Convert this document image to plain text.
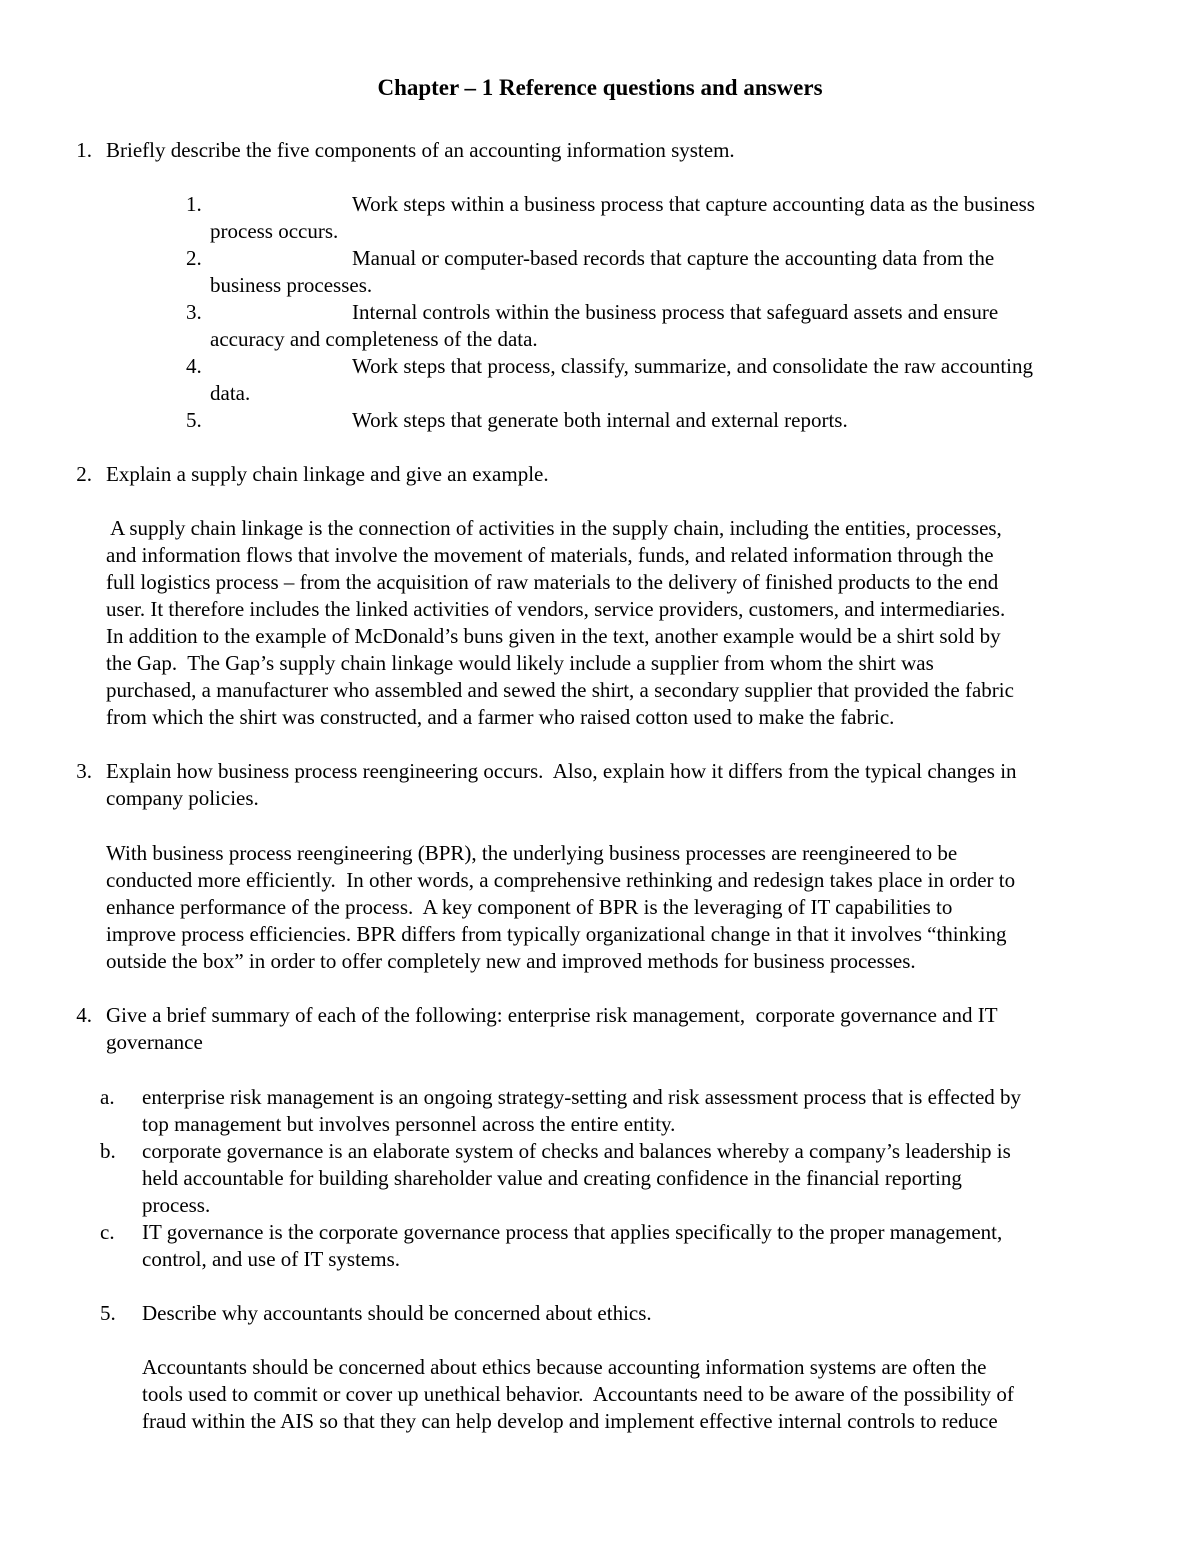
Chapter – 1 Reference questions and answers
1. Briefly describe the five components of an accounting information system.
1.	Work steps within a business process that capture accounting data as the business
process occurs.
2.	Manual or computer-based records that capture the accounting data from the
business processes.
3.	Internal controls within the business process that safeguard assets and ensure
accuracy and completeness of the data.
4.	Work steps that process, classify, summarize, and consolidate the raw accounting
data.
5.	Work steps that generate both internal and external reports.
2. Explain a supply chain linkage and give an example.
A supply chain linkage is the connection of activities in the supply chain, including the entities, processes,
and information flows that involve the movement of materials, funds, and related information through the
full logistics process – from the acquisition of raw materials to the delivery of finished products to the end
user. It therefore includes the linked activities of vendors, service providers, customers, and intermediaries.
In addition to the example of McDonald’s buns given in the text, another example would be a shirt sold by
the Gap.  The Gap’s supply chain linkage would likely include a supplier from whom the shirt was
purchased, a manufacturer who assembled and sewed the shirt, a secondary supplier that provided the fabric
from which the shirt was constructed, and a farmer who raised cotton used to make the fabric.
3. Explain how business process reengineering occurs.  Also, explain how it differs from the typical changes in
company policies.
With business process reengineering (BPR), the underlying business processes are reengineered to be
conducted more efficiently.  In other words, a comprehensive rethinking and redesign takes place in order to
enhance performance of the process.  A key component of BPR is the leveraging of IT capabilities to
improve process efficiencies. BPR differs from typically organizational change in that it involves “thinking
outside the box” in order to offer completely new and improved methods for business processes.
4. Give a brief summary of each of the following: enterprise risk management,  corporate governance and IT
governance
a.	enterprise risk management is an ongoing strategy-setting and risk assessment process that is effected by
top management but involves personnel across the entire entity.
b.	corporate governance is an elaborate system of checks and balances whereby a company’s leadership is
held accountable for building shareholder value and creating confidence in the financial reporting
process.
c.	IT governance is the corporate governance process that applies specifically to the proper management,
control, and use of IT systems.
5.	Describe why accountants should be concerned about ethics.
Accountants should be concerned about ethics because accounting information systems are often the
tools used to commit or cover up unethical behavior.  Accountants need to be aware of the possibility of
fraud within the AIS so that they can help develop and implement effective internal controls to reduce
